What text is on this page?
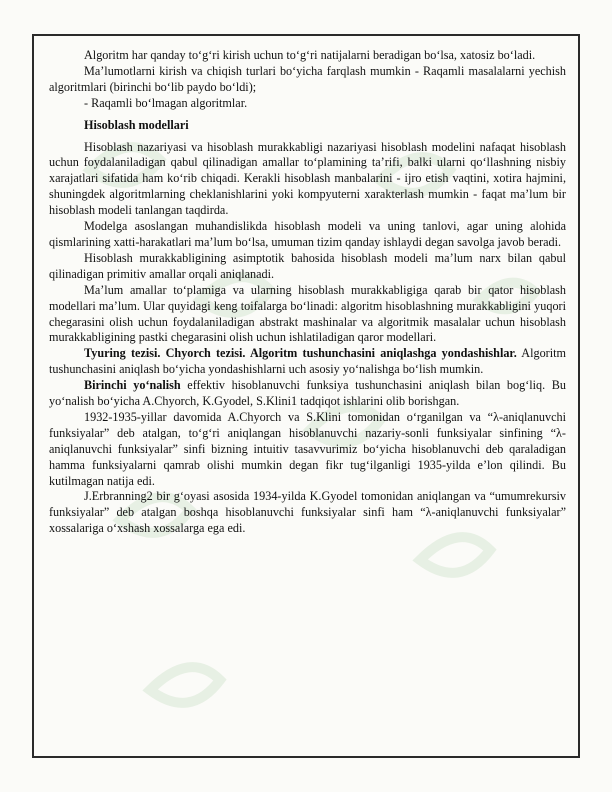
Algoritm har qanday to‘g‘ri kirish uchun to‘g‘ri natijalarni beradigan bo‘lsa, xatosiz bo‘ladi.

Ma’lumotlarni kirish va chiqish turlari bo‘yicha farqlash mumkin - Raqamli masalalarni yechish algoritmlari (birinchi bo‘lib paydo bo‘ldi);

- Raqamli bo‘lmagan algoritmlar.

Hisoblash modellari

Hisoblash nazariyasi va hisoblash murakkabligi nazariyasi hisoblash modelini nafaqat hisoblash uchun foydalaniladigan qabul qilinadigan amallar to‘plamining ta’rifi, balki ularni qo‘llashning nisbiy xarajatlari sifatida ham ko‘rib chiqadi. Kerakli hisoblash manbalarini - ijro etish vaqtini, xotira hajmini, shuningdek algoritmlarning cheklanishlarini yoki kompyuterni xarakterlash mumkin - faqat ma’lum bir hisoblash modeli tanlangan taqdirda.

Modelga asoslangan muhandislikda hisoblash modeli va uning tanlovi, agar uning alohida qismlarining xatti-harakatlari ma’lum bo‘lsa, umuman tizim qanday ishlaydi degan savolga javob beradi.

Hisoblash murakkabligining asimptotik bahosida hisoblash modeli ma’lum narx bilan qabul qilinadigan primitiv amallar orqali aniqlanadi.

Ma’lum amallar to‘plamiga va ularning hisoblash murakkabligiga qarab bir qator hisoblash modellari ma’lum. Ular quyidagi keng toifalarga bo‘linadi: algoritm hisoblashning murakkabligini yuqori chegarasini olish uchun foydalaniladigan abstrakt mashinalar va algoritmik masalalar uchun hisoblash murakkabligining pastki chegarasini olish uchun ishlatiladigan qaror modellari.

Tyuring tezisi. Chyorch tezisi. Algoritm tushunchasini aniqlashga yondashishlar. Algoritm tushunchasini aniqlash bo‘yicha yondashishlarni uch asosiy yo‘nalishga bo‘lish mumkin.

Birinchi yo‘nalish effektiv hisoblanuvchi funksiya tushunchasini aniqlash bilan bog‘liq. Bu yo‘nalish bo‘yicha A.Chyorch, K.Gyodel, S.Klini1 tadqiqot ishlarini olib borishgan.

1932-1935-yillar davomida A.Chyorch va S.Klini tomonidan o‘rganilgan va “λ-aniqlanuvchi funksiyalar” deb atalgan, to‘g‘ri aniqlangan hisoblanuvchi nazariy-sonli funksiyalar sinfining “λ-aniqlanuvchi funksiyalar” sinfi bizning intuitiv tasavvurimiz bo‘yicha hisoblanuvchi deb qaraladigan hamma funksiyalarni qamrab olishi mumkin degan fikr tug‘ilganligi 1935-yilda e’lon qilindi. Bu kutilmagan natija edi.

J.Erbranning2 bir g‘oyasi asosida 1934-yilda K.Gyodel tomonidan aniqlangan va “umumrekursiv funksiyalar” deb atalgan boshqa hisoblanuvchi funksiyalar sinfi ham “λ-aniqlanuvchi funksiyalar” xossalariga o‘xshash xossalarga ega edi.
